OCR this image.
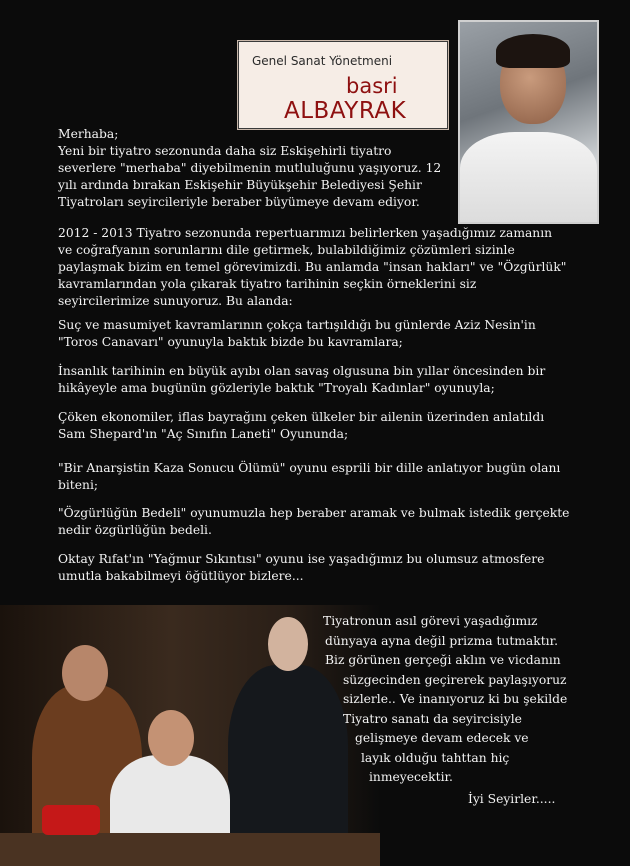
Genel Sanat Yönetmeni
basri
ALBAYRAK

Merhaba;

Yeni bir tiyatro sezonunda daha siz Eskişehirli tiyatro severlere "merhaba" diyebilmenin mutluluğunu yaşıyoruz. 12 yılı ardında bırakan Eskişehir Büyükşehir Belediyesi Şehir Tiyatroları seyircileriyle beraber büyümeye devam ediyor.

2012 - 2013 Tiyatro sezonunda repertuarımızı belirlerken yaşadığımız zamanın ve coğrafyanın sorunlarını dile getirmek, bulabildiğimiz çözümleri sizinle paylaşmak bizim en temel görevimizdi. Bu anlamda "insan hakları" ve "Özgürlük" kavramlarından yola çıkarak tiyatro tarihinin seçkin örneklerini siz seyircilerimize sunuyoruz. Bu alanda:

Suç ve masumiyet kavramlarının çokça tartışıldığı bu günlerde Aziz Nesin'in "Toros Canavarı" oyunuyla baktık bizde bu kavramlara;

İnsanlık tarihinin en büyük ayıbı olan savaş olgusuna bin yıllar öncesinden bir hikâyeyle ama bugünün gözleriyle baktık "Troyalı Kadınlar" oyunuyla;

Çöken ekonomiler, iflas bayrağını çeken ülkeler bir ailenin üzerinden anlatıldı Sam Shepard'ın "Aç Sınıfın Laneti" Oyununda;

"Bir Anarşistin Kaza Sonucu Ölümü" oyunu esprili bir dille anlatıyor bugün olanı biteni;

"Özgürlüğün Bedeli" oyunumuzla hep beraber aramak ve bulmak istedik gerçekte nedir özgürlüğün bedeli.

Oktay Rıfat'ın "Yağmur Sıkıntısı" oyunu ise yaşadığımız bu olumsuz atmosfere umutla bakabilmeyi öğütlüyor bizlere...

Tiyatronun asıl görevi yaşadığımız
dünyaya ayna değil prizma tutmaktır.
Biz görünen gerçeği aklın ve vicdanın
süzgecinden geçirerek paylaşıyoruz
sizlerle.. Ve inanıyoruz ki bu şekilde
Tiyatro sanatı da seyircisiyle
gelişmeye devam edecek ve
layık olduğu tahttan hiç
inmeyecektir.
İyi Seyirler.....
